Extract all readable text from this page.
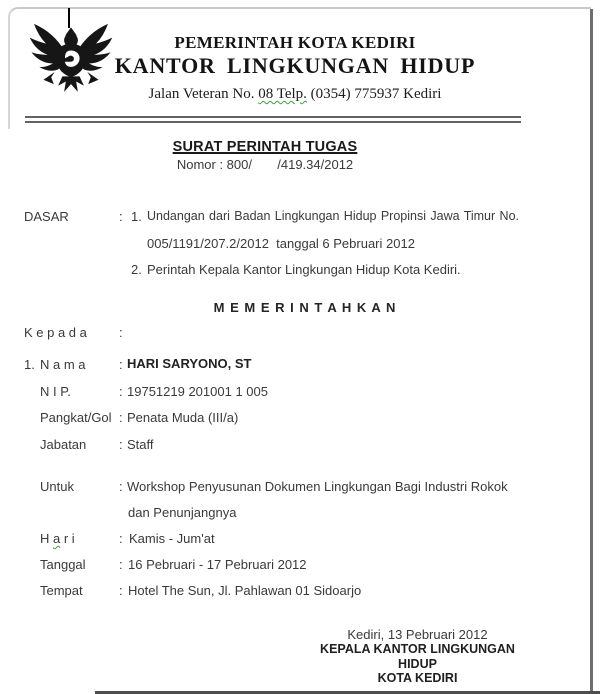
PEMERINTAH KOTA KEDIRI
KANTOR LINGKUNGAN HIDUP
Jalan Veteran No. 08 Telp. (0354) 775937 Kediri
SURAT PERINTAH TUGAS
Nomor : 800/       /419.34/2012
DASAR	: 1. Undangan dari Badan Lingkungan Hidup Propinsi Jawa Timur No.
005/1191/207.2/2012  tanggal 6 Pebruari 2012
2. Perintah Kepala Kantor Lingkungan Hidup Kota Kediri.
M E M E R I N T A H K A N
K e p a d a :
1. N a m a	: HARI SARYONO, ST
N I P.	: 19751219 201001 1 005
Pangkat/Gol : Penata Muda (III/a)
Jabatan	: Staff
Untuk	: Workshop Penyusunan Dokumen Lingkungan Bagi Industri Rokok
dan Penunjangnya
H a r i	: Kamis - Jum'at
Tanggal	: 16 Pebruari - 17 Pebruari 2012
Tempat	: Hotel The Sun, Jl. Pahlawan 01 Sidoarjo
Kediri, 13 Pebruari 2012
KEPALA KANTOR LINGKUNGAN
HIDUP
KOTA KEDIRI
